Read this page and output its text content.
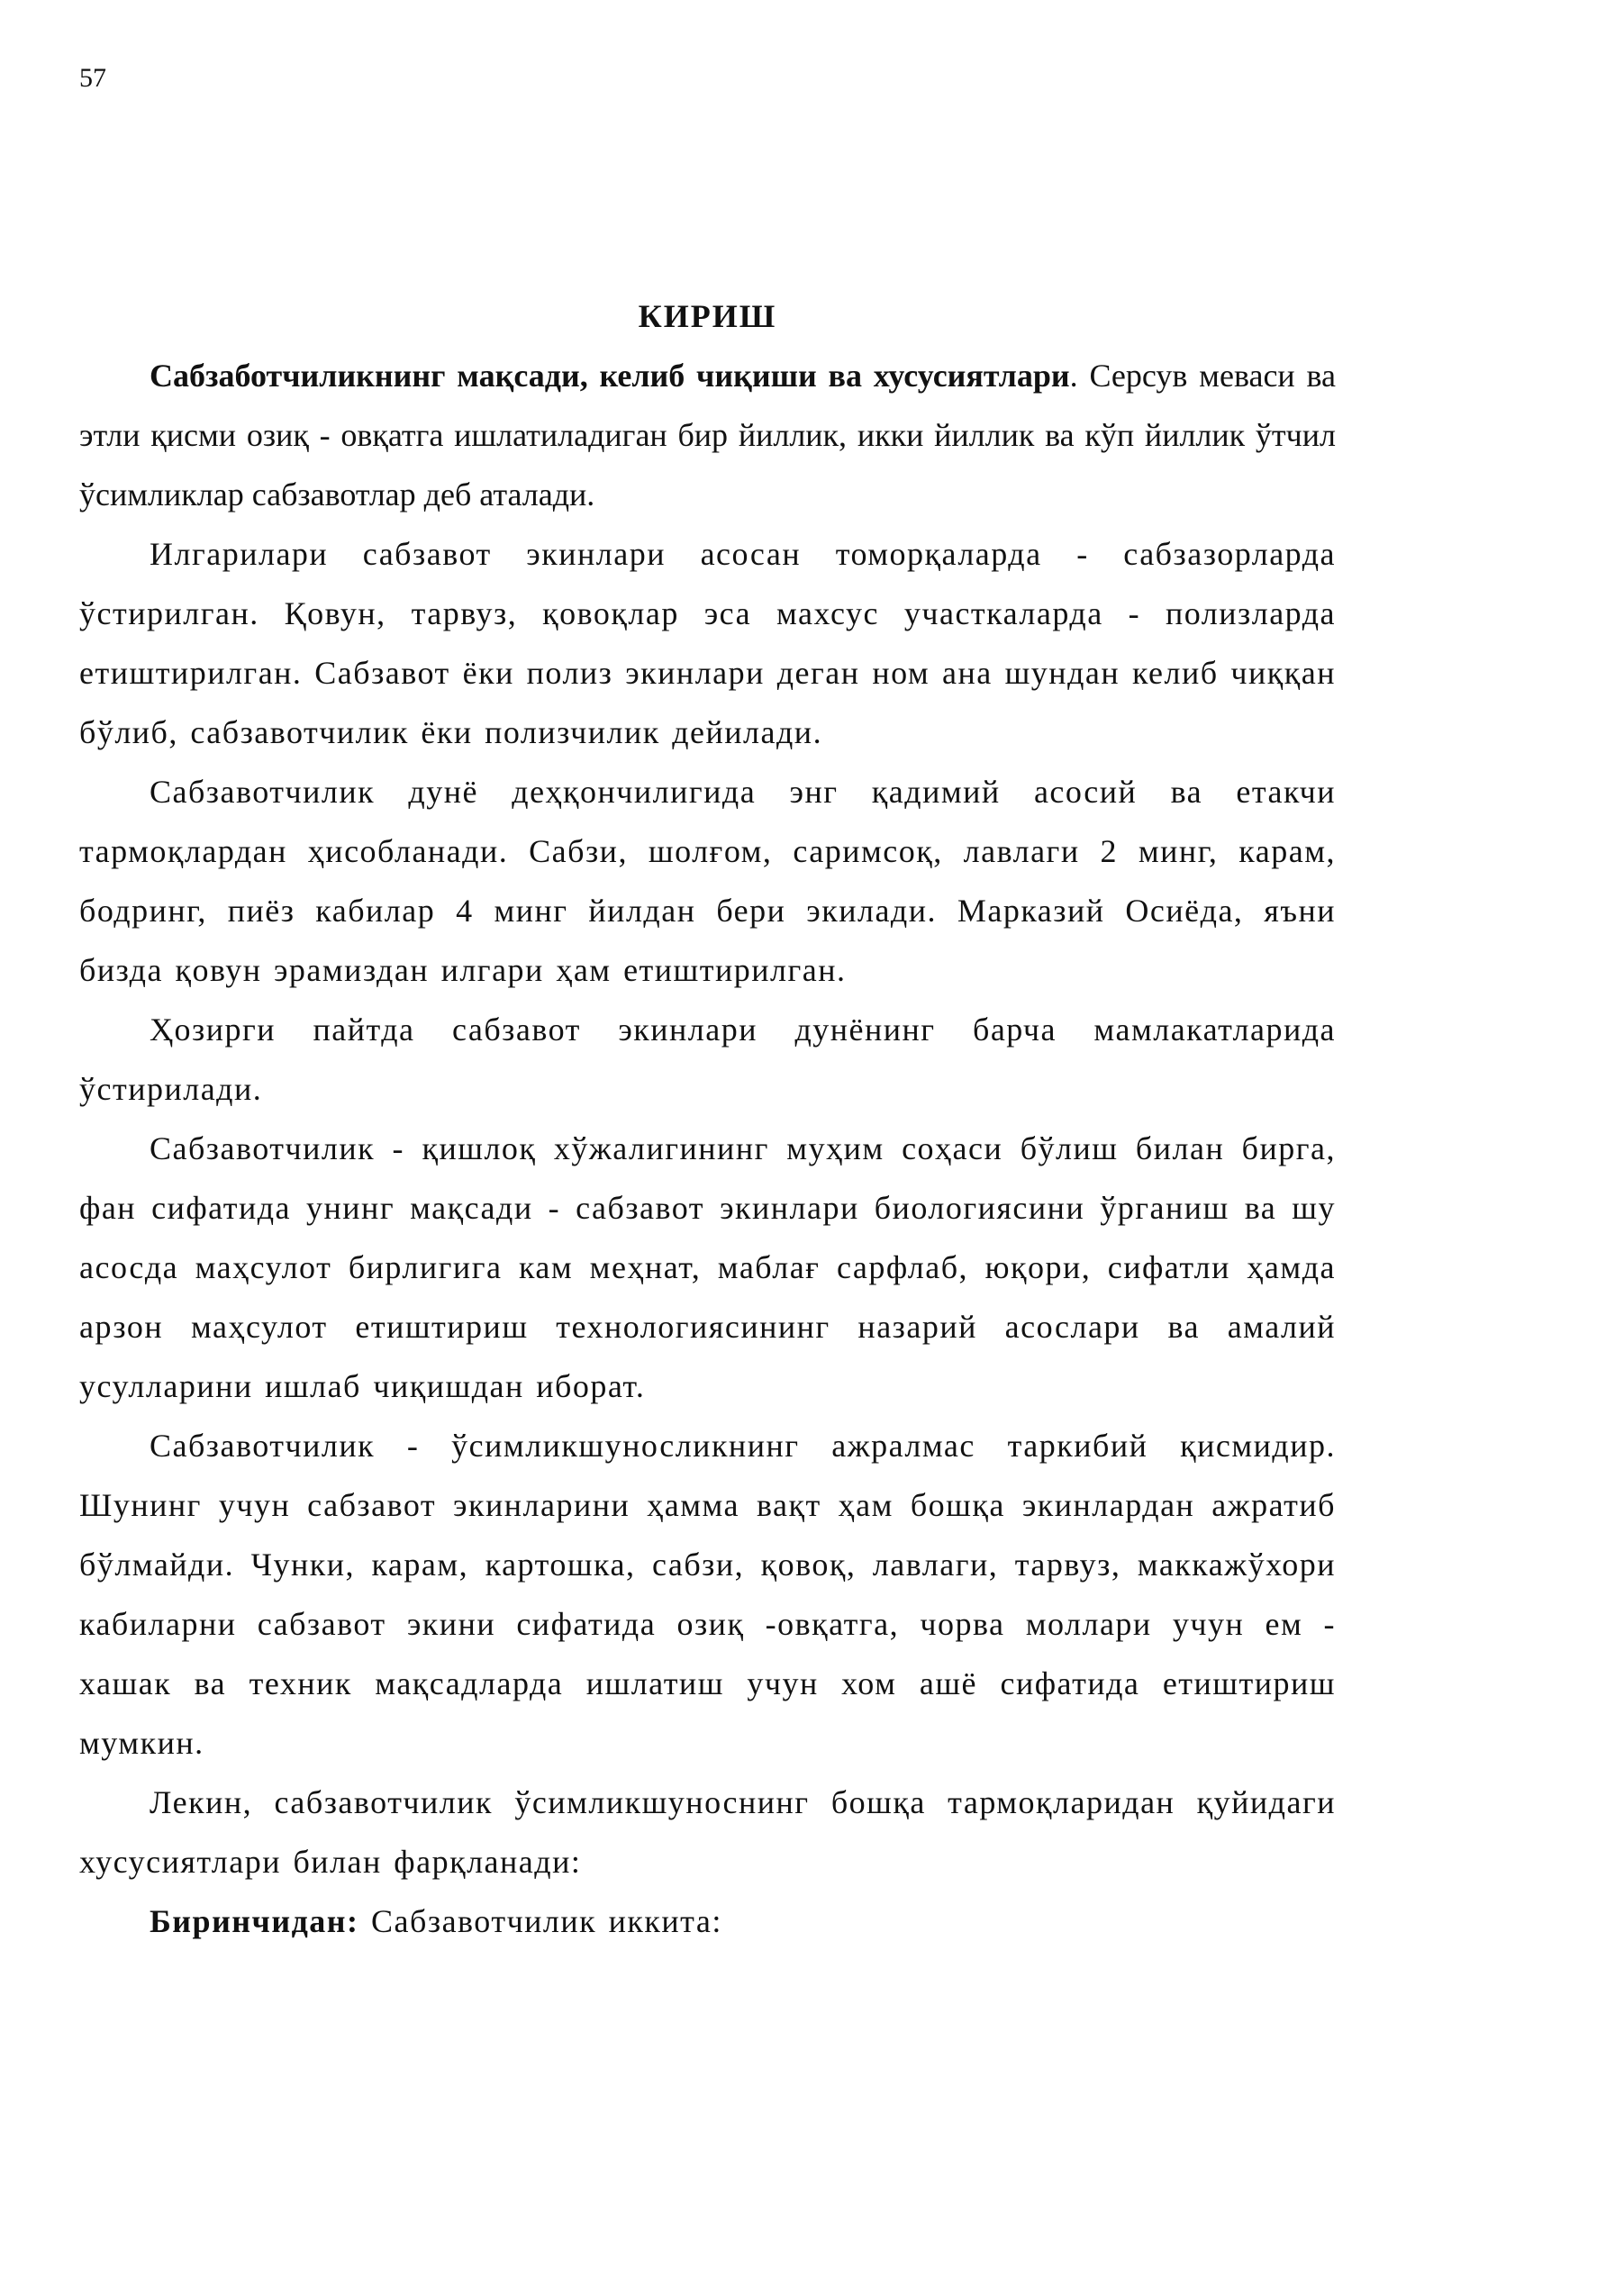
57

КИРИШ

Сабзаботчиликнинг мақсади, келиб чиқиши ва хусусиятлари. Серсув меваси ва этли қисми озиқ - овқатга ишлатиладиган бир йиллик, икки йиллик ва кўп йиллик ўтчил ўсимликлар сабзавотлар деб аталади.

Илгарилари сабзавот экинлари асосан томорқаларда - сабзазорларда ўстирилган. Қовун, тарвуз, қовоқлар эса махсус участкаларда - полизларда етиштирилган. Сабзавот ёки полиз экинлари деган ном ана шундан келиб чиққан бўлиб, сабзавотчилик ёки полизчилик дейилади.

Сабзавотчилик дунё деҳқончилигида энг қадимий асосий ва етакчи тармоқлардан ҳисобланади. Сабзи, шолғом, саримсоқ, лавлаги 2 минг, карам, бодринг, пиёз кабилар 4 минг йилдан бери экилади. Марказий Осиёда, яъни бизда қовун эрамиздан илгари ҳам етиштирилган.

Ҳозирги пайтда сабзавот экинлари дунёнинг барча мамлакатларида ўстирилади.

Сабзавотчилик - қишлоқ хўжалигининг муҳим соҳаси бўлиш билан бирга, фан сифатида унинг мақсади - сабзавот экинлари биологиясини ўрганиш ва шу асосда маҳсулот бирлигига кам меҳнат, маблағ сарфлаб, юқори, сифатли ҳамда арзон маҳсулот етиштириш технологиясининг назарий асослари ва амалий усулларини ишлаб чиқишдан иборат.

Сабзавотчилик - ўсимликшуносликнинг ажралмас таркибий қисмидир. Шунинг учун сабзавот экинларини ҳамма вақт ҳам бошқа экинлардан ажратиб бўлмайди. Чунки, карам, картошка, сабзи, қовоқ, лавлаги, тарвуз, маккажўхори кабиларни сабзавот экини сифатида озиқ -овқатга, чорва моллари учун ем - хашак ва техник мақсадларда ишлатиш учун хом ашё сифатида етиштириш мумкин.

Лекин, сабзавотчилик ўсимликшуноснинг бошқа тармоқларидан қуйидаги хусусиятлари билан фарқланади:

Биринчидан: Сабзавотчилик иккита:
